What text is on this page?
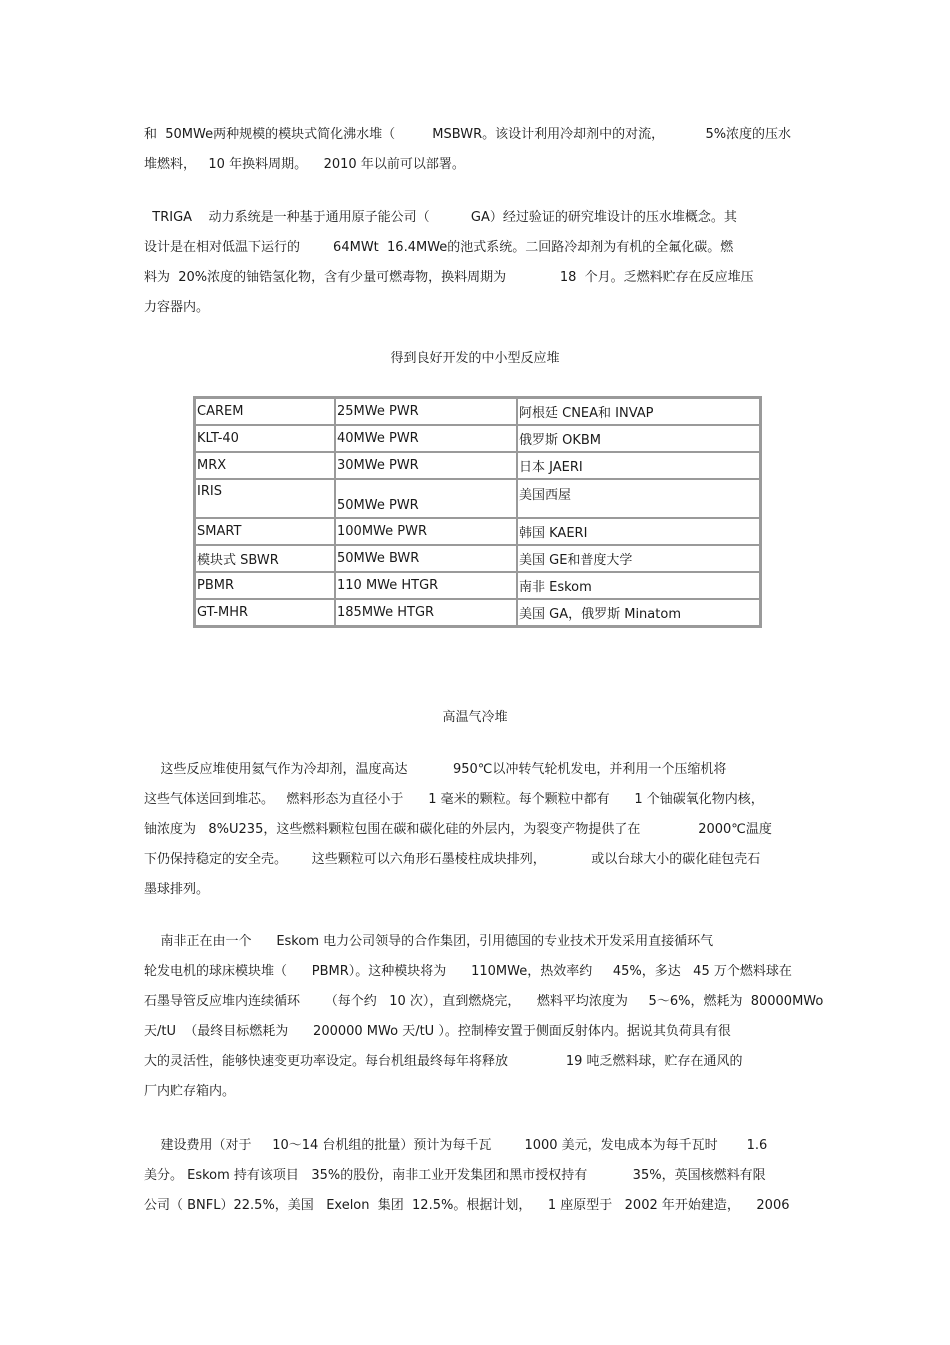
和  50MWe两种规模的模块式简化沸水堆（         MSBWR。该设计利用冷却剂中的对流，          5%浓度的压水
堆燃料，   10 年换料周期。    2010 年以前可以部署。
TRIGA    动力系统是一种基于通用原子能公司（          GA）经过验证的研究堆设计的压水堆概念。其
设计是在相对低温下运行的        64MWt  16.4MWe的池式系统。二回路冷却剂为有机的全氟化碳。燃
料为  20%浓度的铀锆氢化物，含有少量可燃毒物，换料周期为             18  个月。乏燃料贮存在反应堆压
力容器内。
得到良好开发的中小型反应堆
CAREM	25MWe PWR	阿根廷 CNEA和 INVAP
KLT-40	40MWe PWR	俄罗斯 OKBM
MRX	30MWe PWR	日本 JAERI
IRIS	50MWe PWR	美国西屋
SMART	100MWe PWR	韩国 KAERI
模块式 SBWR	50MWe BWR	美国 GE和普度大学
PBMR	110 MWe HTGR	南非 Eskom
GT-MHR	185MWe HTGR	美国 GA，俄罗斯 Minatom
高温气冷堆
这些反应堆使用氦气作为冷却剂，温度高达           950℃以冲转气轮机发电，并利用一个压缩机将
这些气体送回到堆芯。   燃料形态为直径小于      1 毫米的颗粒。每个颗粒中都有      1 个铀碳氧化物内核，
铀浓度为   8%U235，这些燃料颗粒包围在碳和碳化硅的外层内，为裂变产物提供了在              2000℃温度
下仍保持稳定的安全壳。      这些颗粒可以六角形石墨棱柱成块排列，           或以台球大小的碳化硅包壳石
墨球排列。
南非正在由一个      Eskom 电力公司领导的合作集团，引用德国的专业技术开发采用直接循环气
轮发电机的球床模块堆（      PBMR）。这种模块将为      110MWe，热效率约     45%，多达   45 万个燃料球在
石墨导管反应堆内连续循环      （每个约   10 次），直到燃烧完，    燃料平均浓度为     5～6%，燃耗为  80000MWo
天/tU  （最终目标燃耗为      200000 MWo 天/tU ）。控制棒安置于侧面反射体内。据说其负荷具有很
大的灵活性，能够快速变更功率设定。每台机组最终每年将释放              19 吨乏燃料球，贮存在通风的
厂内贮存箱内。
建设费用（对于     10～14 台机组的批量）预计为每千瓦        1000 美元，发电成本为每千瓦时       1.6
美分。 Eskom 持有该项目   35%的股份，南非工业开发集团和黑市授权持有           35%，英国核燃料有限
公司（ BNFL）22.5%，美国   Exelon  集团  12.5%。根据计划，    1 座原型于   2002 年开始建造，    2006
